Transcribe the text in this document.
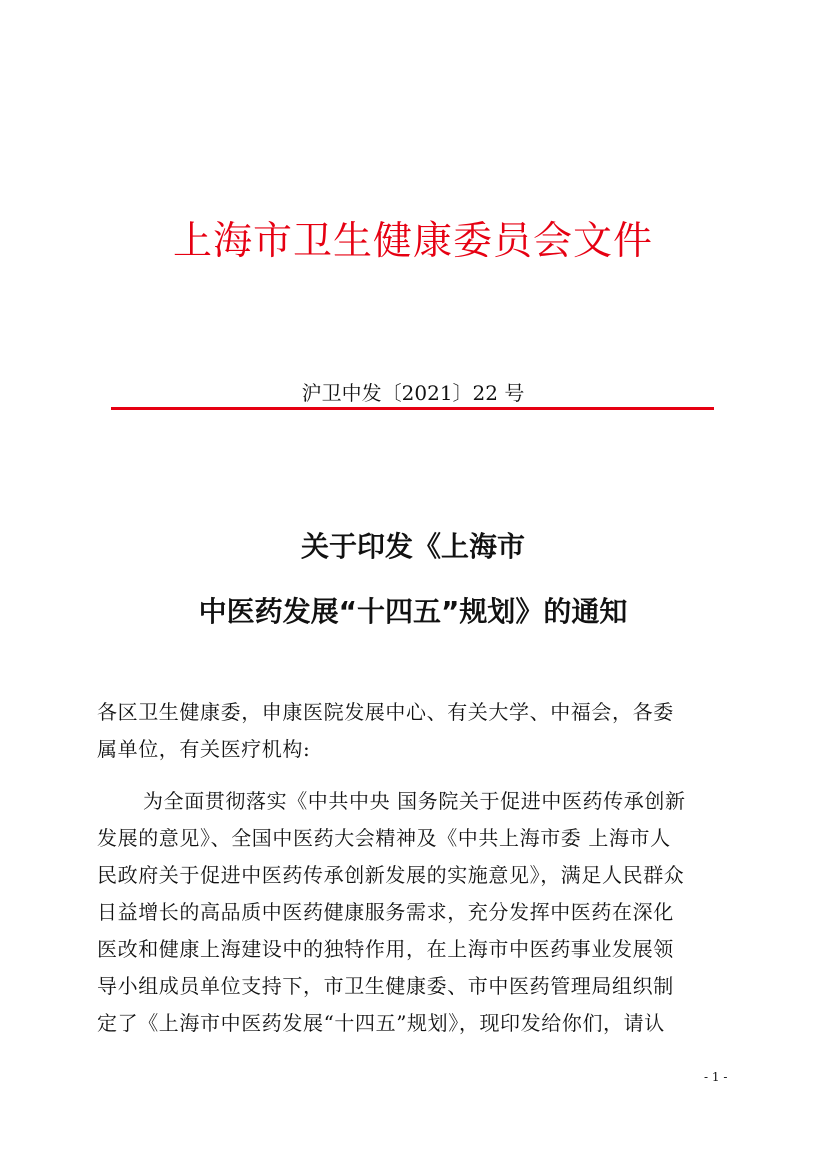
上海市卫生健康委员会文件
沪卫中发〔2021〕22 号
关于印发《上海市
中医药发展“十四五”规划》的通知
各区卫生健康委，申康医院发展中心、有关大学、中福会，各委
属单位，有关医疗机构:
为全面贯彻落实《中共中央 国务院关于促进中医药传承创新
发展的意见》、全国中医药大会精神及《中共上海市委 上海市人
民政府关于促进中医药传承创新发展的实施意见》，满足人民群众
日益增长的高品质中医药健康服务需求，充分发挥中医药在深化
医改和健康上海建设中的独特作用，在上海市中医药事业发展领
导小组成员单位支持下，市卫生健康委、市中医药管理局组织制
定了《上海市中医药发展“十四五”规划》，现印发给你们，请认
- 1 -
